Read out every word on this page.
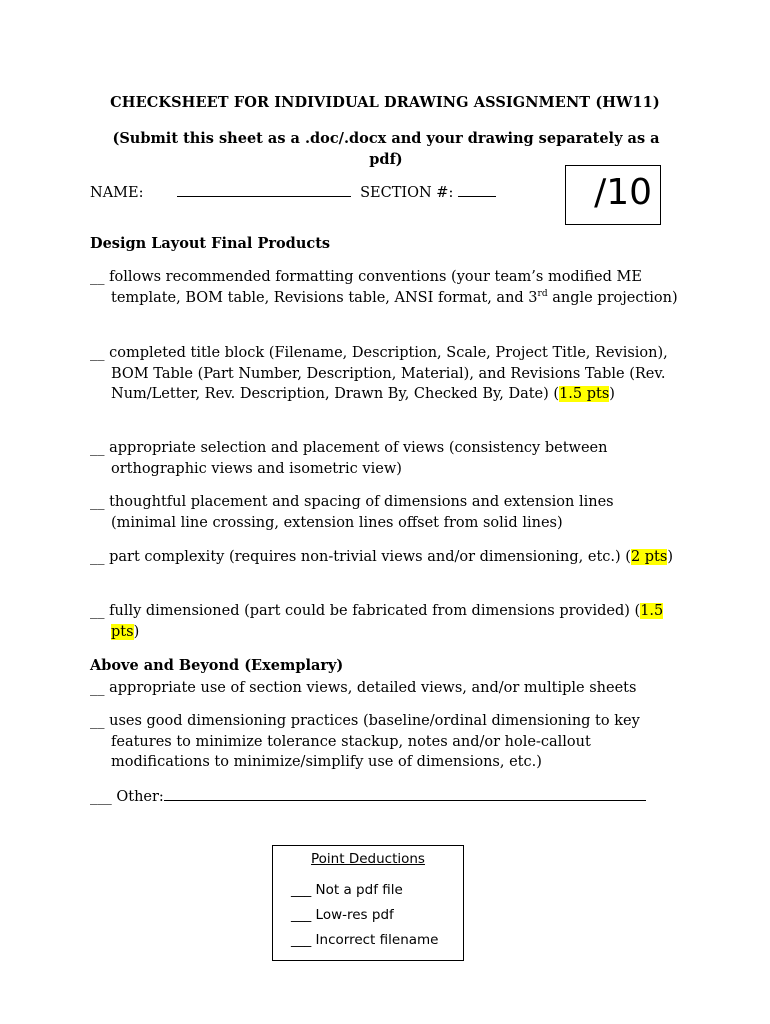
CHECKSHEET FOR INDIVIDUAL DRAWING ASSIGNMENT (HW11)
(Submit this sheet as a .doc/.docx and your drawing separately as a pdf)
NAME:	SECTION #:	/10
Design Layout Final Products
__ follows recommended formatting conventions (your team’s modified ME template, BOM table, Revisions table, ANSI format, and 3rd angle projection)
__ completed title block (Filename, Description, Scale, Project Title, Revision), BOM Table (Part Number, Description, Material), and Revisions Table (Rev. Num/Letter, Rev. Description, Drawn By, Checked By, Date) (1.5 pts)
__ appropriate selection and placement of views (consistency between orthographic views and isometric view)
__ thoughtful placement and spacing of dimensions and extension lines (minimal line crossing, extension lines offset from solid lines)
__ part complexity (requires non-trivial views and/or dimensioning, etc.) (2 pts)
__ fully dimensioned (part could be fabricated from dimensions provided) (1.5 pts)
Above and Beyond (Exemplary)
__ appropriate use of section views, detailed views, and/or multiple sheets
__ uses good dimensioning practices (baseline/ordinal dimensioning to key features to minimize tolerance stackup, notes and/or hole-callout modifications to minimize/simplify use of dimensions, etc.)
___ Other:
Point Deductions
___ Not a pdf file
___ Low-res pdf
___ Incorrect filename
